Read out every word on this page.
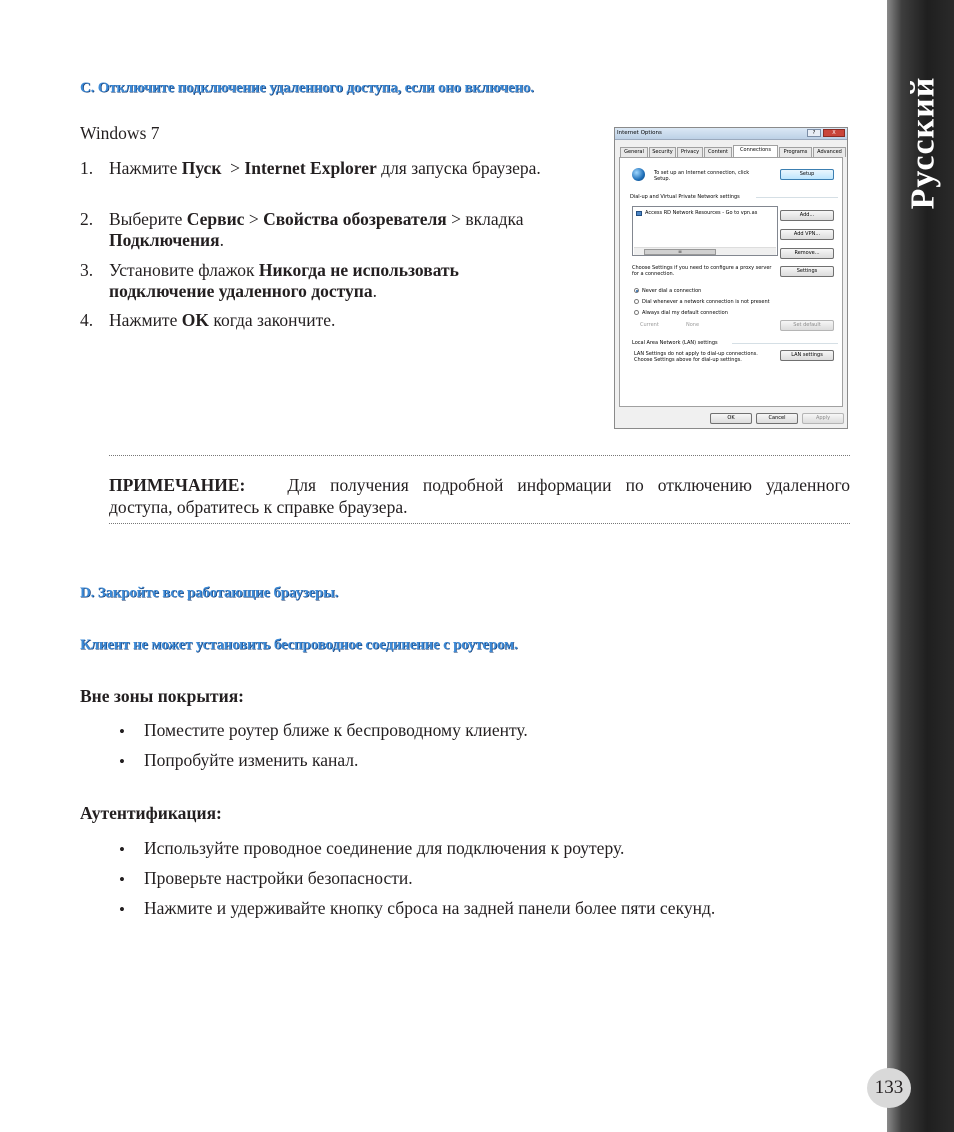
Русский
133
C. Отключите подключение удаленного доступа, если оно включено.

Windows 7

1. Нажмите Пуск  > Internet Explorer для запуска браузера.
2. Выберите Сервис > Свойства обозревателя > вкладка Подключения.
3. Установите флажок Никогда не использовать подключение удаленного доступа.
4. Нажмите OK когда закончите.
Internet Options	?	X
General	Security	Privacy	Content	Connections	Programs	Advanced
To set up an Internet connection, click Setup.
Setup
Dial-up and Virtual Private Network settings
Access RD Network Resources - Go to vpn.as
III
Add...
Add VPN...
Remove...
Choose Settings if you need to configure a proxy server for a connection.	Settings
Never dial a connection
Dial whenever a network connection is not present
Always dial my default connection
Current	None	Set default
Local Area Network (LAN) settings
LAN Settings do not apply to dial-up connections. Choose Settings above for dial-up settings.
LAN settings
OK	Cancel	Apply

ПРИМЕЧАНИЕ: Для получения подробной информации по отключению удаленного доступа, обратитесь к справке браузера.

D. Закройте все работающие браузеры.
Клиент не может установить беспроводное соединение с роутером.

Вне зоны покрытия:

• Поместите роутер ближе к беспроводному клиенту.
• Попробуйте изменить канал.

Аутентификация:

• Используйте проводное соединение для подключения к роутеру.
• Проверьте настройки безопасности.
• Нажмите и удерживайте кнопку сброса на задней панели более пяти секунд.
